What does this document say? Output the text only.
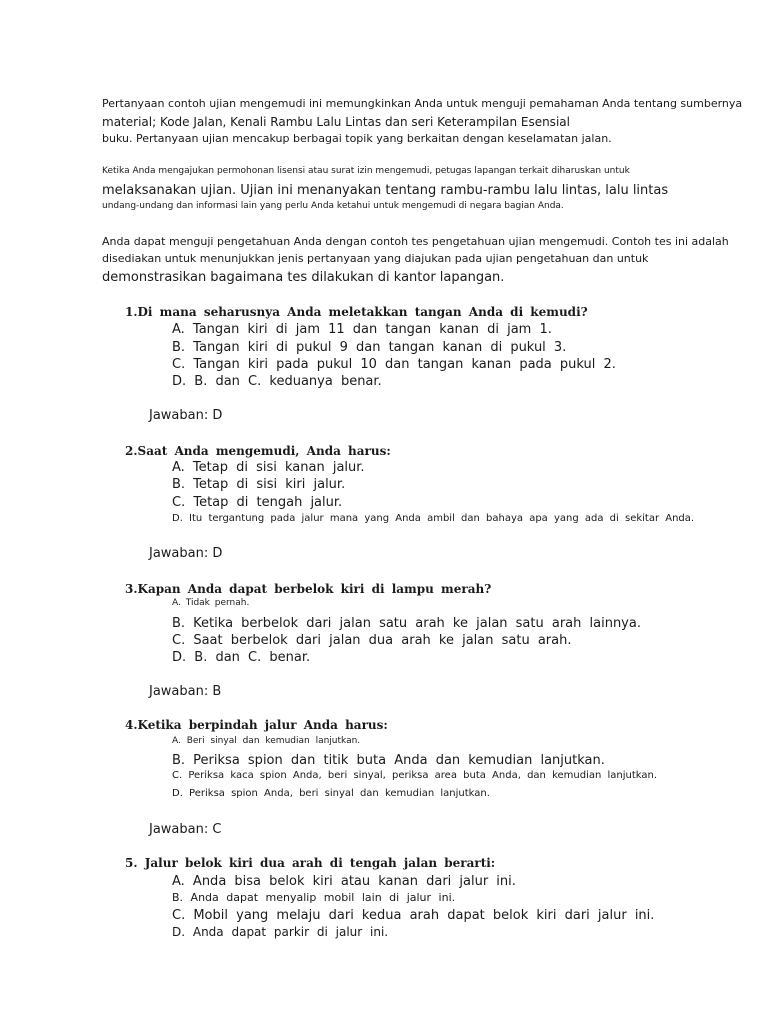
Pertanyaan contoh ujian mengemudi ini memungkinkan Anda untuk menguji pemahaman Anda tentang sumbernya
material; Kode Jalan, Kenali Rambu Lalu Lintas dan seri Keterampilan Esensial
buku. Pertanyaan ujian mencakup berbagai topik yang berkaitan dengan keselamatan jalan.
Ketika Anda mengajukan permohonan lisensi atau surat izin mengemudi, petugas lapangan terkait diharuskan untuk
melaksanakan ujian. Ujian ini menanyakan tentang rambu-rambu lalu lintas, lalu lintas
undang-undang dan informasi lain yang perlu Anda ketahui untuk mengemudi di negara bagian Anda.
Anda dapat menguji pengetahuan Anda dengan contoh tes pengetahuan ujian mengemudi. Contoh tes ini adalah
disediakan untuk menunjukkan jenis pertanyaan yang diajukan pada ujian pengetahuan dan untuk
demonstrasikan bagaimana tes dilakukan di kantor lapangan.
1.Di mana seharusnya Anda meletakkan tangan Anda di kemudi?
A. Tangan kiri di jam 11 dan tangan kanan di jam 1.
B. Tangan kiri di pukul 9 dan tangan kanan di pukul 3.
C. Tangan kiri pada pukul 10 dan tangan kanan pada pukul 2.
D. B. dan C. keduanya benar.
Jawaban: D
2.Saat Anda mengemudi, Anda harus:
A. Tetap di sisi kanan jalur.
B. Tetap di sisi kiri jalur.
C. Tetap di tengah jalur.
D. Itu tergantung pada jalur mana yang Anda ambil dan bahaya apa yang ada di sekitar Anda.
Jawaban: D
3.Kapan Anda dapat berbelok kiri di lampu merah?
A. Tidak pernah.
B. Ketika berbelok dari jalan satu arah ke jalan satu arah lainnya.
C. Saat berbelok dari jalan dua arah ke jalan satu arah.
D. B. dan C. benar.
Jawaban: B
4.Ketika berpindah jalur Anda harus:
A. Beri sinyal dan kemudian lanjutkan.
B. Periksa spion dan titik buta Anda dan kemudian lanjutkan.
C. Periksa kaca spion Anda, beri sinyal, periksa area buta Anda, dan kemudian lanjutkan.
D. Periksa spion Anda, beri sinyal dan kemudian lanjutkan.
Jawaban: C
5. Jalur belok kiri dua arah di tengah jalan berarti:
A. Anda bisa belok kiri atau kanan dari jalur ini.
B. Anda dapat menyalip mobil lain di jalur ini.
C. Mobil yang melaju dari kedua arah dapat belok kiri dari jalur ini.
D. Anda dapat parkir di jalur ini.
